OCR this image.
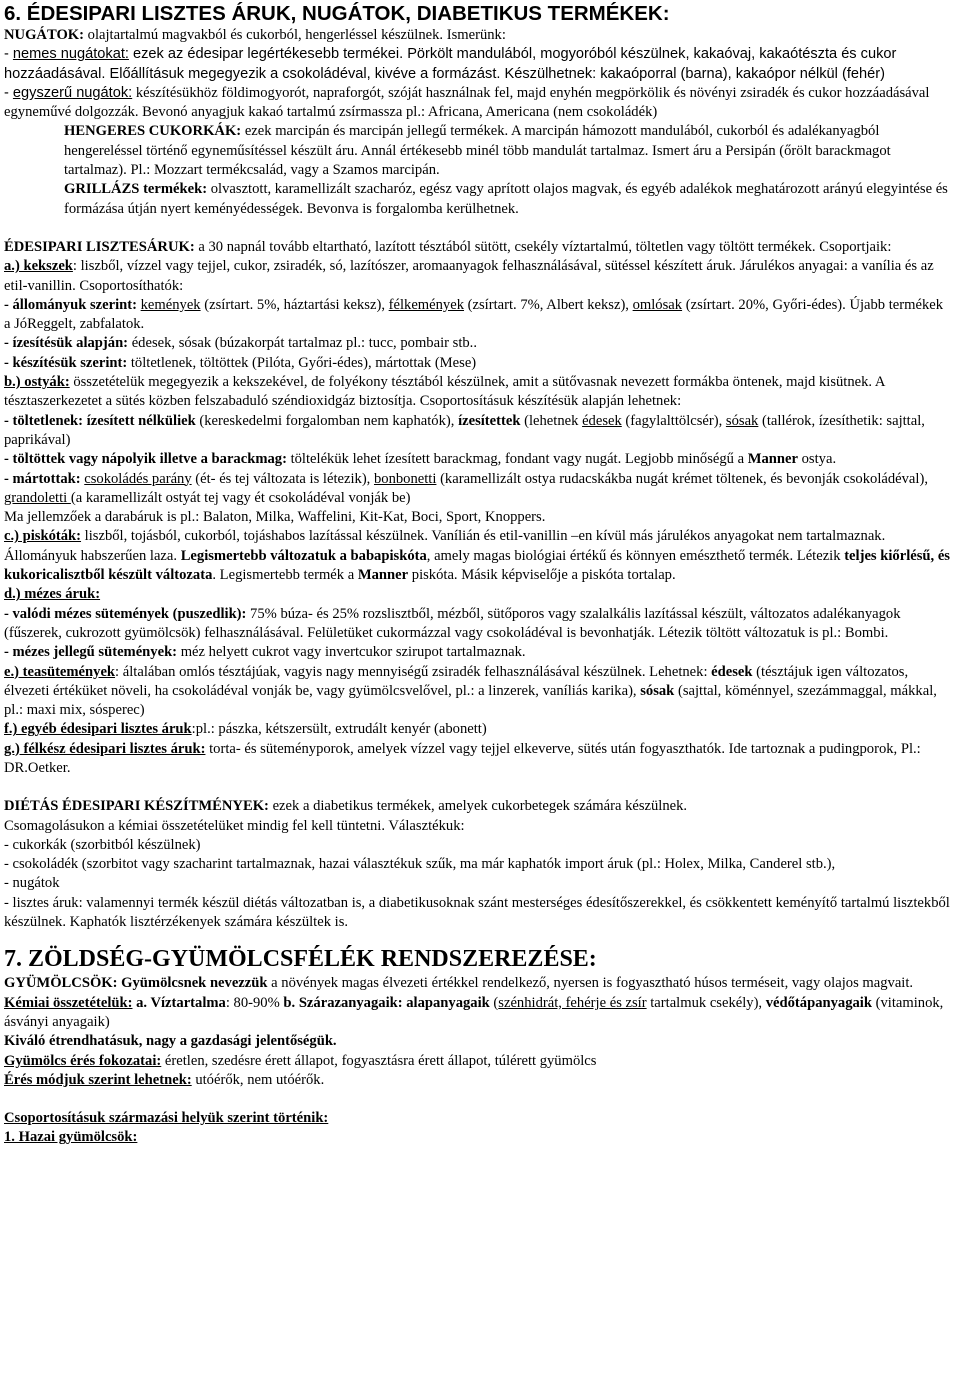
6. ÉDESIPARI LISZTES ÁRUK, NUGÁTOK, DIABETIKUS TERMÉKEK:

NUGÁTOK: olajtartalmú magvakból és cukorból, hengerléssel készülnek. Ismerünk:

- nemes nugátokat: ezek az édesipar legértékesebb termékei. Pörkölt mandulából, mogyoróból készülnek, kakaóvaj, kakaótészta és cukor hozzáadásával. Előállításuk megegyezik a csokoládéval, kivéve a formázást. Készülhetnek: kakaóporral (barna), kakaópor nélkül (fehér)

- egyszerű nugátok: készítésükhöz földimogyorót, napraforgót, szóját használnak fel, majd enyhén megpörkölik és növényi zsiradék és cukor hozzáadásával egyneművé dolgozzák. Bevonó anyagjuk kakaó tartalmú zsírmassza pl.: Africana, Americana (nem csokoládék)

HENGERES CUKORKÁK: ezek marcipán és marcipán jellegű termékek. A marcipán hámozott mandulából, cukorból és adalékanyagból hengereléssel történő egyneműsítéssel készült áru. Annál értékesebb minél több mandulát tartalmaz. Ismert áru a Persipán (őrölt barackmagot tartalmaz). Pl.: Mozzart termékcsalád, vagy a Szamos marcipán.

GRILLÁZS termékek: olvasztott, karamellizált szacharóz, egész vagy aprított olajos magvak, és egyéb adalékok meghatározott arányú elegyintése és formázása útján nyert keményédességek. Bevonva is forgalomba kerülhetnek.

ÉDESIPARI LISZTESÁRUK: a 30 napnál tovább eltartható, lazított tésztából sütött, csekély víztartalmú, töltetlen vagy töltött termékek. Csoportjaik:

a.) kekszek: liszből, vízzel vagy tejjel, cukor, zsiradék, só, lazítószer, aromaanyagok felhasználásával, sütéssel készített áruk. Járulékos anyagai: a vanília és az etil-vanillin. Csoportosíthatók:

- állományuk szerint: kemények (zsírtart. 5%, háztartási keksz), félkemények (zsírtart. 7%, Albert keksz), omlósak (zsírtart. 20%, Győri-édes). Újabb termékek a JóReggelt, zabfalatok.

- ízesítésük alapján: édesek, sósak (búzakorpát tartalmaz pl.: tucc, pombair stb..

- készítésük szerint: töltetlenek, töltöttek (Pilóta, Győri-édes), mártottak (Mese)

b.) ostyák: összetételük megegyezik a kekszekével, de folyékony tésztából készülnek, amit a sütővasnak nevezett formákba öntenek, majd kisütnek. A tésztaszerkezetet a sütés közben felszabaduló széndioxidgáz biztosítja. Csoportosításuk készítésük alapján lehetnek:

- töltetlenek: ízesített nélküliek (kereskedelmi forgalomban nem kaphatók), ízesítettek (lehetnek édesek (fagylalttölcsér), sósak (tallérok, ízesíthetik: sajttal, paprikával)

- töltöttek vagy nápolyik illetve a barackmag: töltelékük lehet ízesített barackmag, fondant vagy nugát. Legjobb minőségű a Manner ostya.

- mártottak: csokoládés parány (ét- és tej változata is létezik), bonbonetti (karamellizált ostya rudacskákba nugát krémet töltenek, és bevonják csokoládéval), grandoletti (a karamellizált ostyát tej vagy ét csokoládéval vonják be)

Ma jellemzőek a darabáruk is pl.: Balaton, Milka, Waffelini, Kit-Kat, Boci, Sport, Knoppers.

c.) piskóták: liszből, tojásból, cukorból, tojáshabos lazítással készülnek. Vanílián és etil-vanillin –en kívül más járulékos anyagokat nem tartalmaznak. Állományuk habszerűen laza. Legismertebb változatuk a babapiskóta, amely magas biológiai értékű és könnyen emészthető termék. Létezik teljes kiőrlésű, és kukoricalisztből készült változata. Legismertebb termék a Manner piskóta. Másik képviselője a piskóta tortalap.

d.) mézes áruk:

- valódi mézes sütemények (puszedlik): 75% búza- és 25% rozslisztből, mézből, sütőporos vagy szalalkális lazítással készült, változatos adalékanyagok (fűszerek, cukrozott gyümölcsök) felhasználásával. Felületüket cukormázzal vagy csokoládéval is bevonhatják. Létezik töltött változatuk is pl.: Bombi.

- mézes jellegű sütemények: méz helyett cukrot vagy invertcukor szirupot tartalmaznak.

e.) teasütemények: általában omlós tésztájúak, vagyis nagy mennyiségű zsiradék felhasználásával készülnek. Lehetnek: édesek (tésztájuk igen változatos, élvezeti értéküket növeli, ha csokoládéval vonják be, vagy gyümölcsvelővel, pl.: a linzerek, vaníliás karika), sósak (sajttal, köménnyel, szezámmaggal, mákkal, pl.: maxi mix, sósperec)

f.) egyéb édesipari lisztes áruk:pl.: pászka, kétszersült, extrudált kenyér (abonett)

g.) félkész édesipari lisztes áruk: torta- és süteményporok, amelyek vízzel vagy tejjel elkeverve, sütés után fogyaszthatók. Ide tartoznak a pudingporok, Pl.: DR.Oetker.

DIÉTÁS ÉDESIPARI KÉSZÍTMÉNYEK: ezek a diabetikus termékek, amelyek cukorbetegek számára készülnek.

Csomagolásukon a kémiai összetételüket mindig fel kell tüntetni. Választékuk:

- cukorkák (szorbitból készülnek)

- csokoládék (szorbitot vagy szacharint tartalmaznak, hazai választékuk szűk, ma már kaphatók import áruk (pl.: Holex, Milka, Canderel stb.),

- nugátok

- lisztes áruk: valamennyi termék készül diétás változatban is, a diabetikusoknak szánt mesterséges édesítőszerekkel, és csökkentett keményítő tartalmú lisztekből készülnek. Kaphatók lisztérzékenyek számára készültek is.

7. ZÖLDSÉG-GYÜMÖLCSFÉLÉK RENDSZEREZÉSE:

GYÜMÖLCSÖK: Gyümölcsnek nevezzük a növények magas élvezeti értékkel rendelkező, nyersen is fogyasztható húsos terméseit, vagy olajos magvait. Kémiai összetételük: a. Víztartalma: 80-90% b. Szárazanyagaik: alapanyagaik (szénhidrát, fehérje és zsír tartalmuk csekély), védőtápanyagaik (vitaminok, ásványi anyagaik)

Kiváló étrendhatásuk, nagy a gazdasági jelentőségük.

Gyümölcs érés fokozatai: éretlen, szedésre érett állapot, fogyasztásra érett állapot, túlérett gyümölcs

Érés módjuk szerint lehetnek: utóérők, nem utóérők.

Csoportosításuk származási helyük szerint történik:

1. Hazai gyümölcsök:
